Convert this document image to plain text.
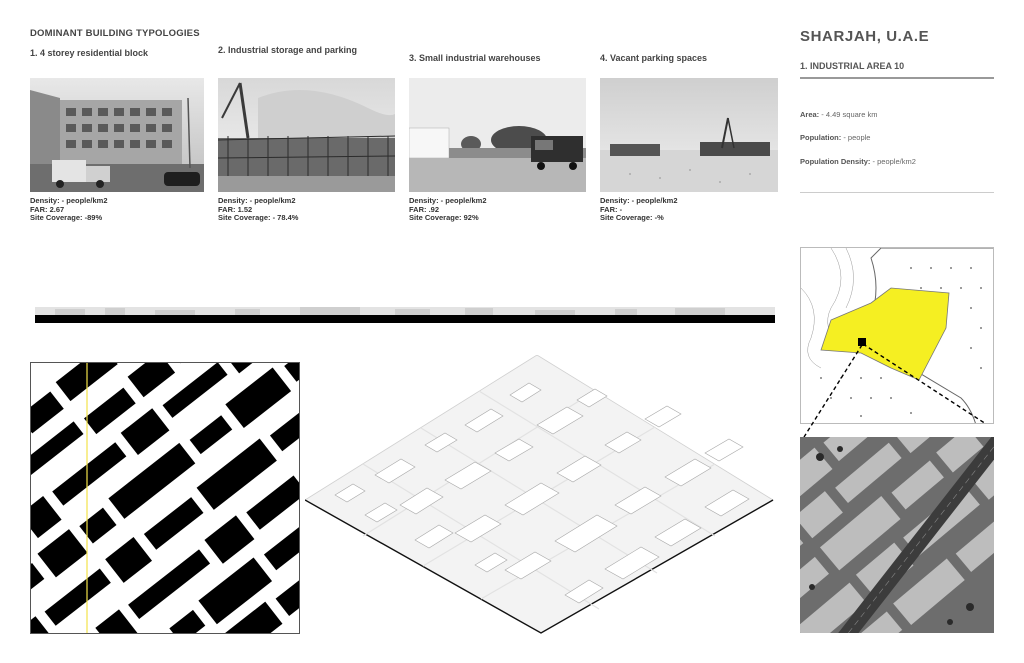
DOMINANT BUILDING TYPOLOGIES
1. 4 storey residential block
Density: - people/km2
FAR: 2.67
Site Coverage: -89%
2. Industrial storage and parking
Density: - people/km2
FAR: 1.52
Site Coverage: - 78.4%
3. Small industrial warehouses
Density: - people/km2
FAR: .92
Site Coverage: 92%
4. Vacant parking spaces
Density: - people/km2
FAR: -
Site Coverage: -%
SHARJAH, U.A.E
1. INDUSTRIAL AREA 10
Area: - 4.49 square km
Population: - people
Population Density: - people/km2
